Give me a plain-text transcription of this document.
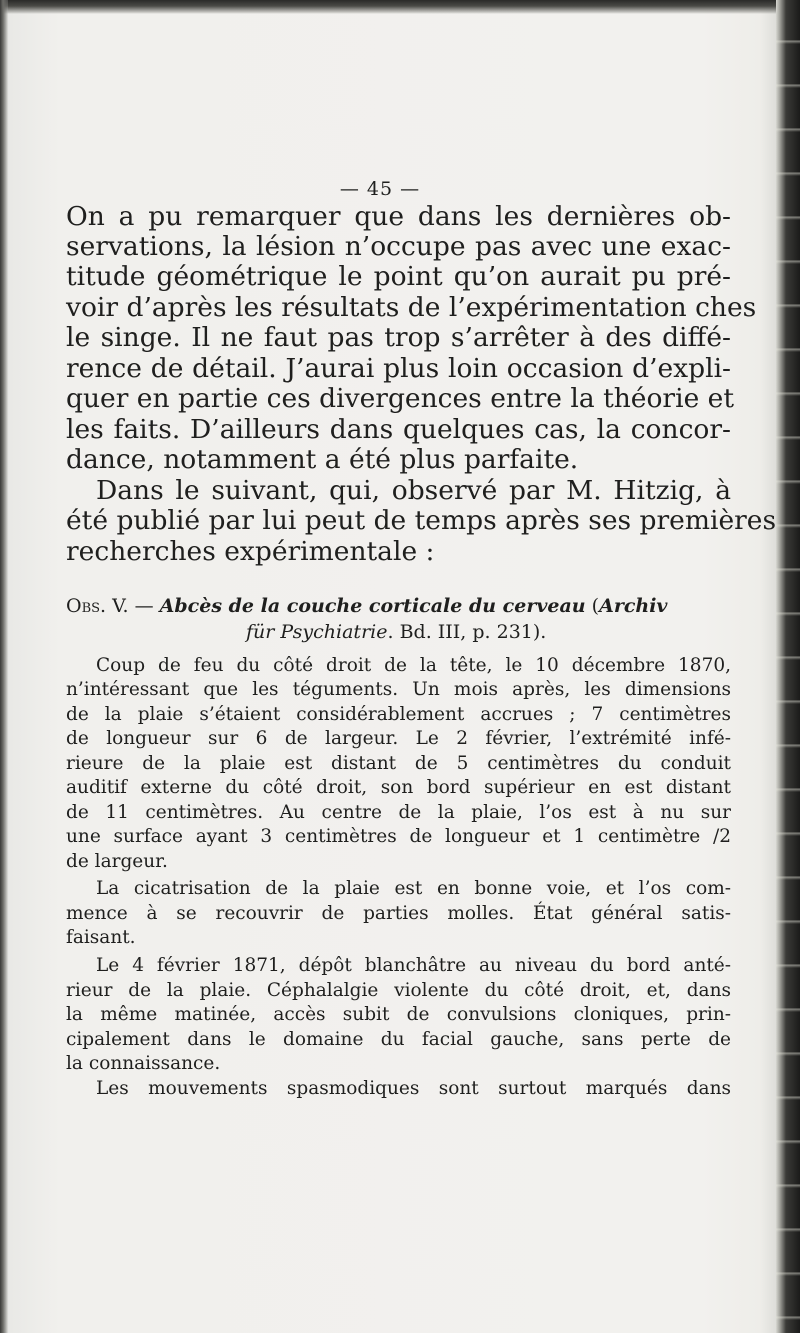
— 45 —
On a pu remarquer que dans les dernières ob-
servations, la lésion n’occupe pas avec une exac-
titude géométrique le point qu’on aurait pu pré-
voir d’après les résultats de l’expérimentation ches
le singe. Il ne faut pas trop s’arrêter à des diffé-
rence de détail. J’aurai plus loin occasion d’expli-
quer en partie ces divergences entre la théorie et
les faits. D’ailleurs dans quelques cas, la concor-
dance, notamment a été plus parfaite.
Dans le suivant, qui, observé par M. Hitzig, à
été publié par lui peut de temps après ses premières
recherches expérimentale :
Obs. V. — Abcès de la couche corticale du cerveau (Archiv
für Psychiatrie. Bd. III, p. 231).
Coup de feu du côté droit de la tête, le 10 décembre 1870,
n’intéressant que les téguments. Un mois après, les dimensions
de la plaie s’étaient considérablement accrues ; 7 centimètres
de longueur sur 6 de largeur. Le 2 février, l’extrémité infé-
rieure de la plaie est distant de 5 centimètres du conduit
auditif externe du côté droit, son bord supérieur en est distant
de 11 centimètres. Au centre de la plaie, l’os est à nu sur
une surface ayant 3 centimètres de longueur et 1 centimètre /2
de largeur.
La cicatrisation de la plaie est en bonne voie, et l’os com-
mence à se recouvrir de parties molles. État général satis-
faisant.
Le 4 février 1871, dépôt blanchâtre au niveau du bord anté-
rieur de la plaie. Céphalalgie violente du côté droit, et, dans
la même matinée, accès subit de convulsions cloniques, prin-
cipalement dans le domaine du facial gauche, sans perte de
la connaissance.
Les mouvements spasmodiques sont surtout marqués dans
